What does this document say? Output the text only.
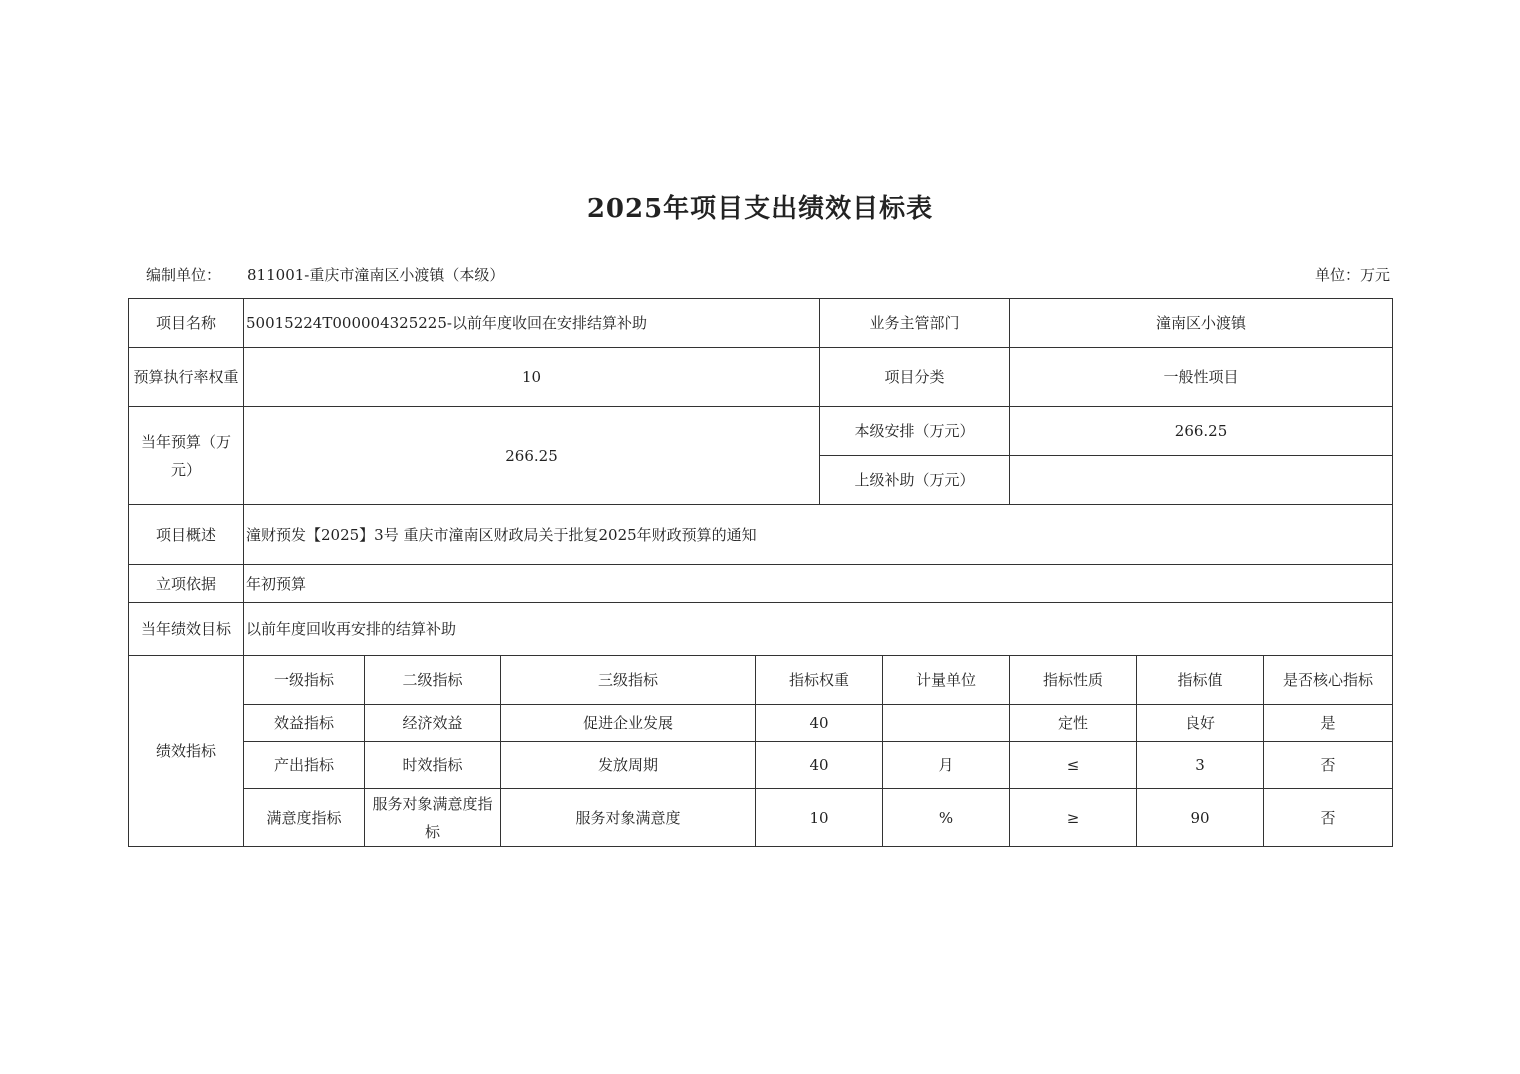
2025年项目支出绩效目标表
编制单位： 811001-重庆市潼南区小渡镇（本级）	单位：万元
项目名称	50015224T000004325225-以前年度收回在安排结算补助				业务主管部门		潼南区小渡镇		
预算执行率权重	10				项目分类		一般性项目		
当年预算（万元）	266.25				本级安排（万元）		266.25		
					上级补助（万元）				
项目概述	潼财预发【2025】3号 重庆市潼南区财政局关于批复2025年财政预算的通知								
立项依据	年初预算								
当年绩效目标	以前年度回收再安排的结算补助								
绩效指标	一级指标	二级指标	三级指标	指标权重		计量单位	指标性质	指标值	是否核心指标
	效益指标	经济效益	促进企业发展	40			定性	良好	是
	产出指标	时效指标	发放周期	40		月	≤	3	否
	满意度指标	服务对象满意度指标	服务对象满意度	10		%	≥	90	否
